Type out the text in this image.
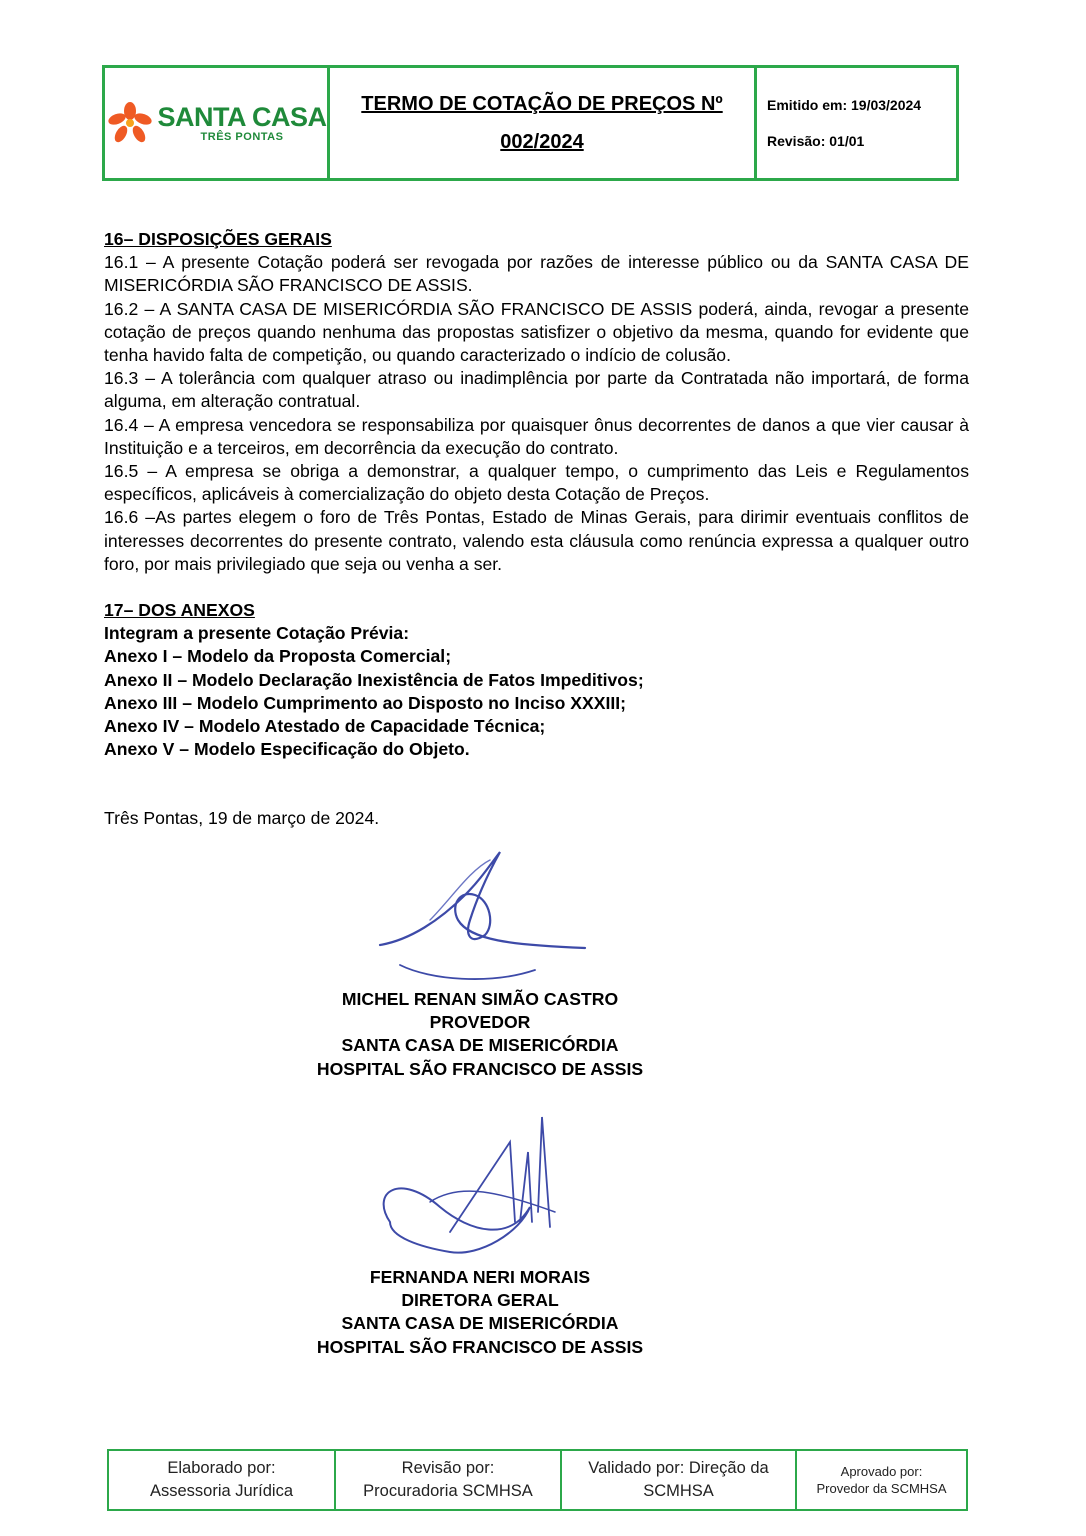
SANTA CASA
TRÊS PONTAS
TERMO DE COTAÇÃO DE PREÇOS Nº
002/2024
Emitido em: 19/03/2024
Revisão: 01/01

16– DISPOSIÇÕES GERAIS

16.1 – A presente Cotação poderá ser revogada por razões de interesse público ou da SANTA CASA DE MISERICÓRDIA SÃO FRANCISCO DE ASSIS.

16.2 – A SANTA CASA DE MISERICÓRDIA SÃO FRANCISCO DE ASSIS poderá, ainda, revogar a presente cotação de preços quando nenhuma das propostas satisfizer o objetivo da mesma, quando for evidente que tenha havido falta de competição, ou quando caracterizado o indício de colusão.

16.3 – A tolerância com qualquer atraso ou inadimplência por parte da Contratada não importará, de forma alguma, em alteração contratual.

16.4 – A empresa vencedora se responsabiliza por quaisquer ônus decorrentes de danos a que vier causar à Instituição e a terceiros, em decorrência da execução do contrato.

16.5 – A empresa se obriga a demonstrar, a qualquer tempo, o cumprimento das Leis e Regulamentos específicos, aplicáveis à comercialização do objeto desta Cotação de Preços.

16.6 –As partes elegem o foro de Três Pontas, Estado de Minas Gerais, para dirimir eventuais conflitos de interesses decorrentes do presente contrato, valendo esta cláusula como renúncia expressa a qualquer outro foro, por mais privilegiado que seja ou venha a ser.

17– DOS ANEXOS

Integram a presente Cotação Prévia:

Anexo I – Modelo da Proposta Comercial;

Anexo II – Modelo Declaração Inexistência de Fatos Impeditivos;

Anexo III – Modelo Cumprimento ao Disposto no Inciso XXXIII;

Anexo IV – Modelo Atestado de Capacidade Técnica;

Anexo V – Modelo Especificação do Objeto.

Três Pontas, 19 de março de 2024.

MICHEL RENAN SIMÃO CASTRO
PROVEDOR
SANTA CASA DE MISERICÓRDIA
HOSPITAL SÃO FRANCISCO DE ASSIS
FERNANDA NERI MORAIS
DIRETORA GERAL
SANTA CASA DE MISERICÓRDIA
HOSPITAL SÃO FRANCISCO DE ASSIS
Elaborado por:
Assessoria Jurídica
Revisão por:
Procuradoria SCMHSA
Validado por: Direção da
SCMHSA
Aprovado por:
Provedor da SCMHSA
